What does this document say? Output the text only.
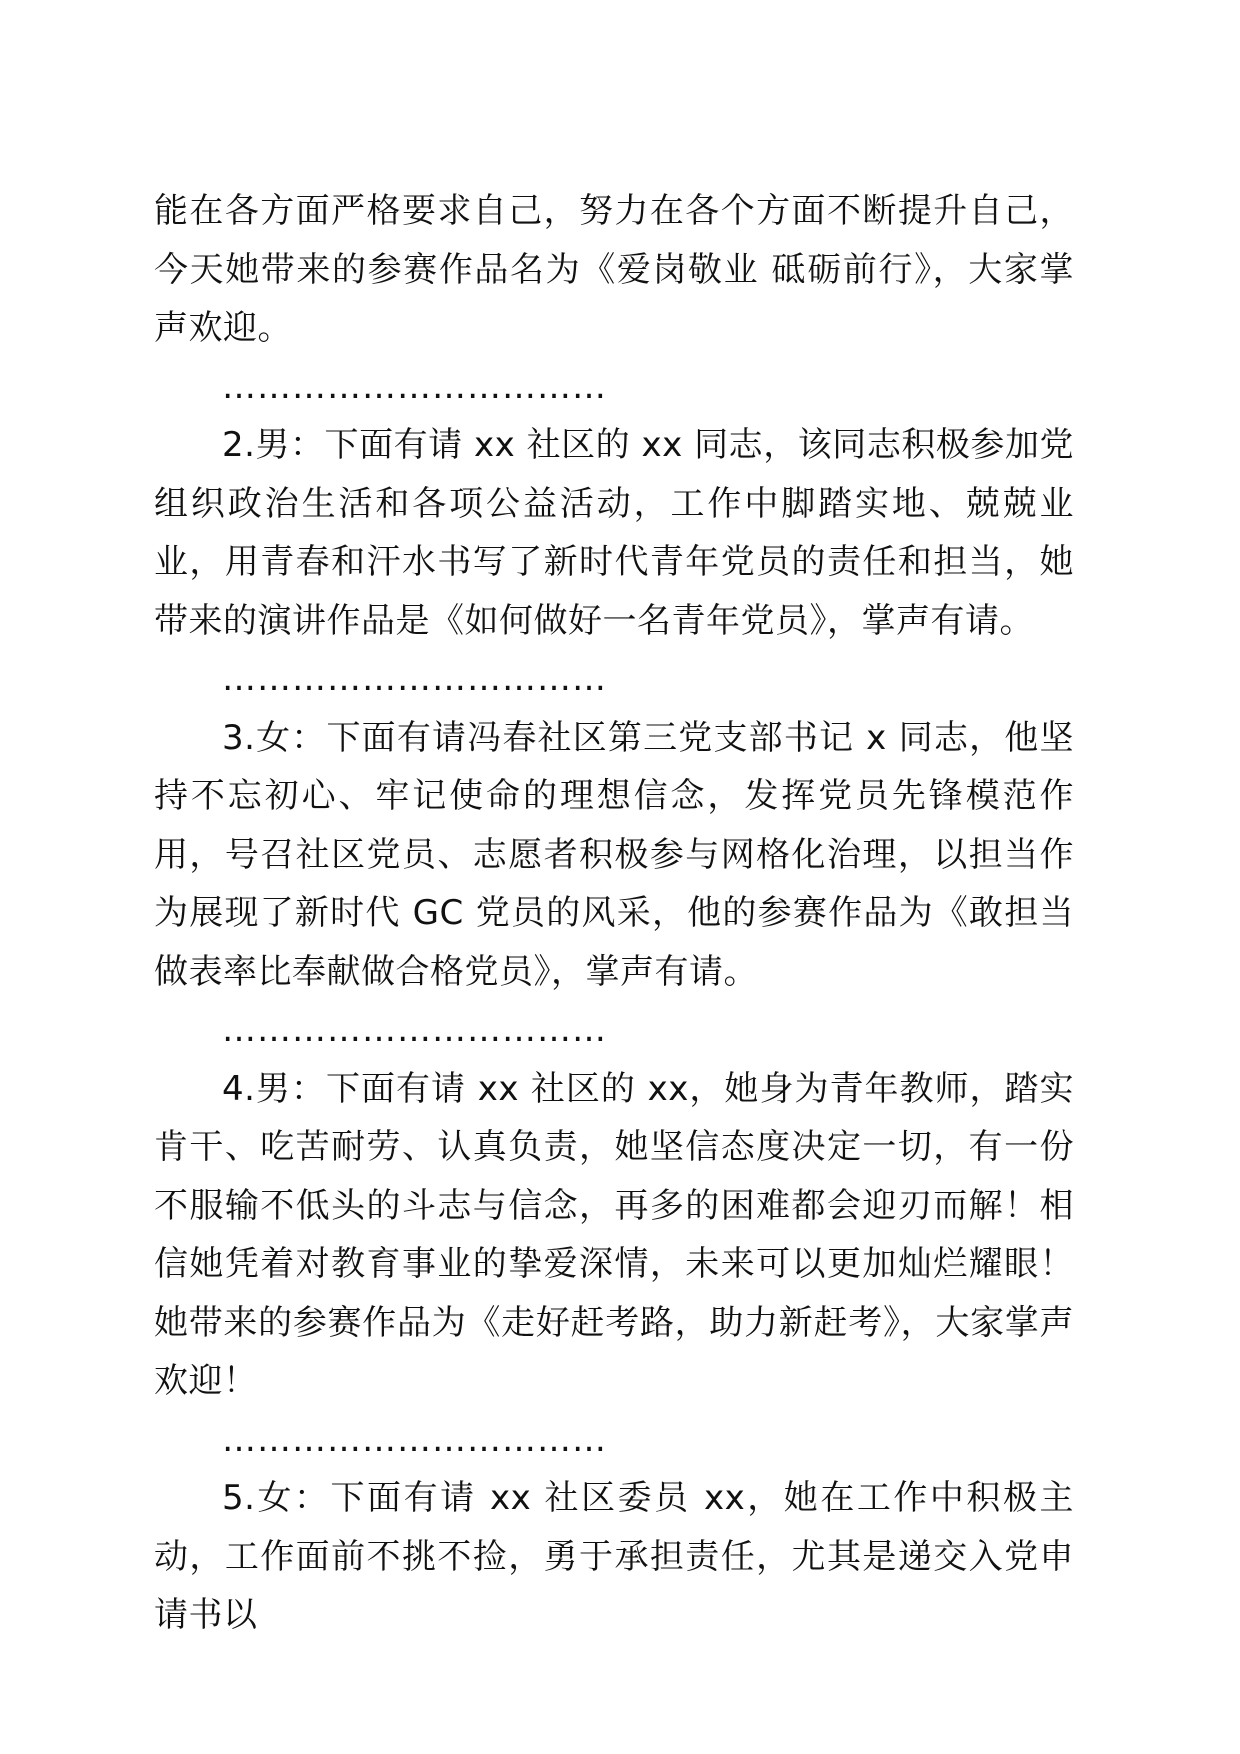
能在各方面严格要求自己，努力在各个方面不断提升自己，今天她带来的参赛作品名为《爱岗敬业 砥砺前行》，大家掌声欢迎。

……………………………

2.男：下面有请 xx 社区的 xx 同志，该同志积极参加党组织政治生活和各项公益活动，工作中脚踏实地、兢兢业业，用青春和汗水书写了新时代青年党员的责任和担当，她带来的演讲作品是《如何做好一名青年党员》，掌声有请。

……………………………

3.女：下面有请冯春社区第三党支部书记 x 同志，他坚持不忘初心、牢记使命的理想信念，发挥党员先锋模范作用，号召社区党员、志愿者积极参与网格化治理，以担当作为展现了新时代 GC 党员的风采，他的参赛作品为《敢担当做表率比奉献做合格党员》，掌声有请。

……………………………

4.男：下面有请 xx 社区的 xx，她身为青年教师，踏实肯干、吃苦耐劳、认真负责，她坚信态度决定一切，有一份不服输不低头的斗志与信念，再多的困难都会迎刃而解！相信她凭着对教育事业的挚爱深情，未来可以更加灿烂耀眼！她带来的参赛作品为《走好赶考路，助力新赶考》，大家掌声欢迎！

……………………………

5.女：下面有请 xx 社区委员 xx，她在工作中积极主动，工作面前不挑不捡，勇于承担责任，尤其是递交入党申请书以
